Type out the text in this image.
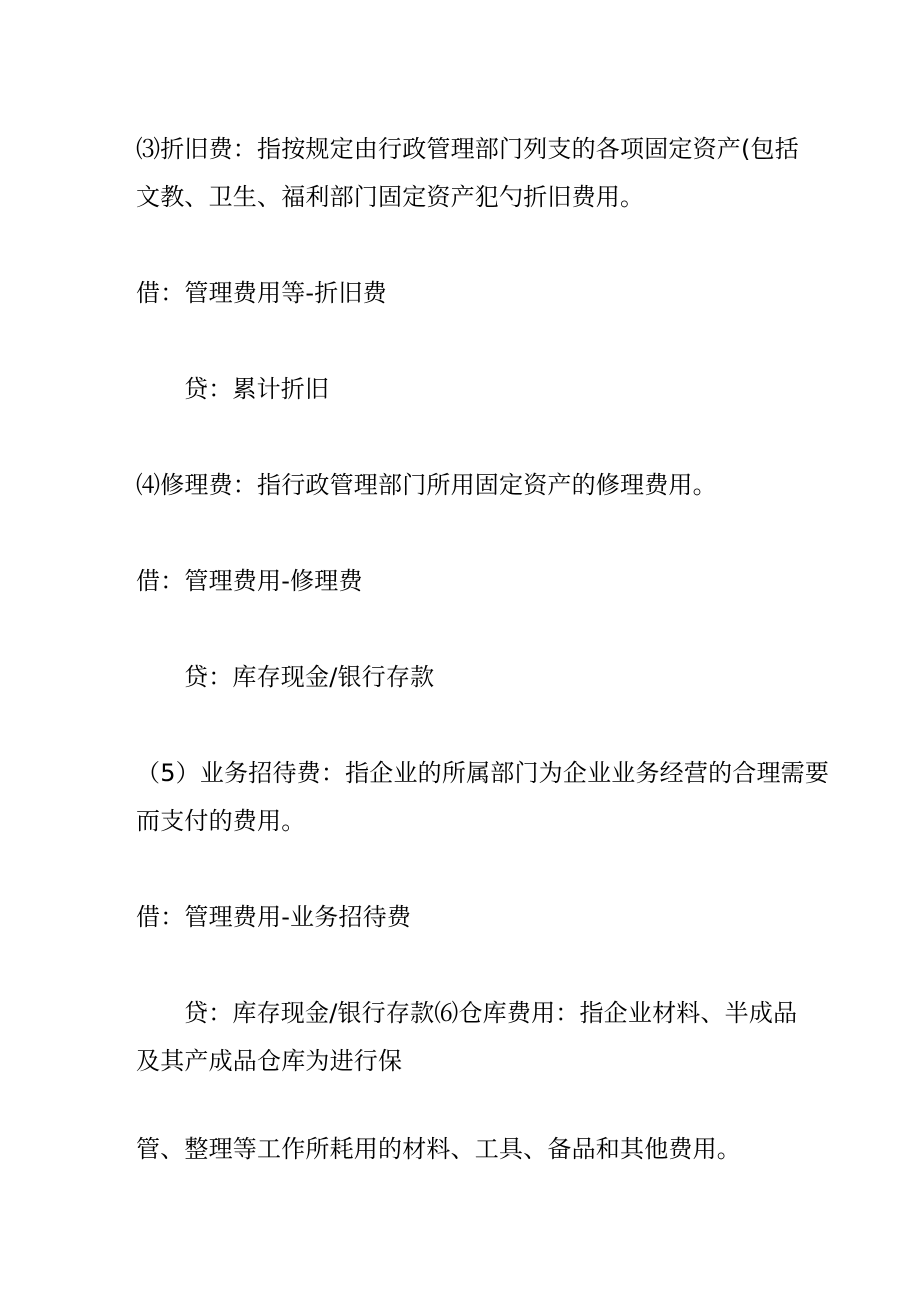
⑶折旧费：指按规定由行政管理部门列支的各项固定资产(包括
文教、卫生、福利部门固定资产犯勺折旧费用。
借：管理费用等-折旧费
贷：累计折旧
⑷修理费：指行政管理部门所用固定资产的修理费用。
借：管理费用-修理费
贷：库存现金/银行存款
（5）业务招待费：指企业的所属部门为企业业务经营的合理需要
而支付的费用。
借：管理费用-业务招待费
贷：库存现金/银行存款⑹仓库费用：指企业材料、半成品
及其产成品仓库为进行保
管、整理等工作所耗用的材料、工具、备品和其他费用。
